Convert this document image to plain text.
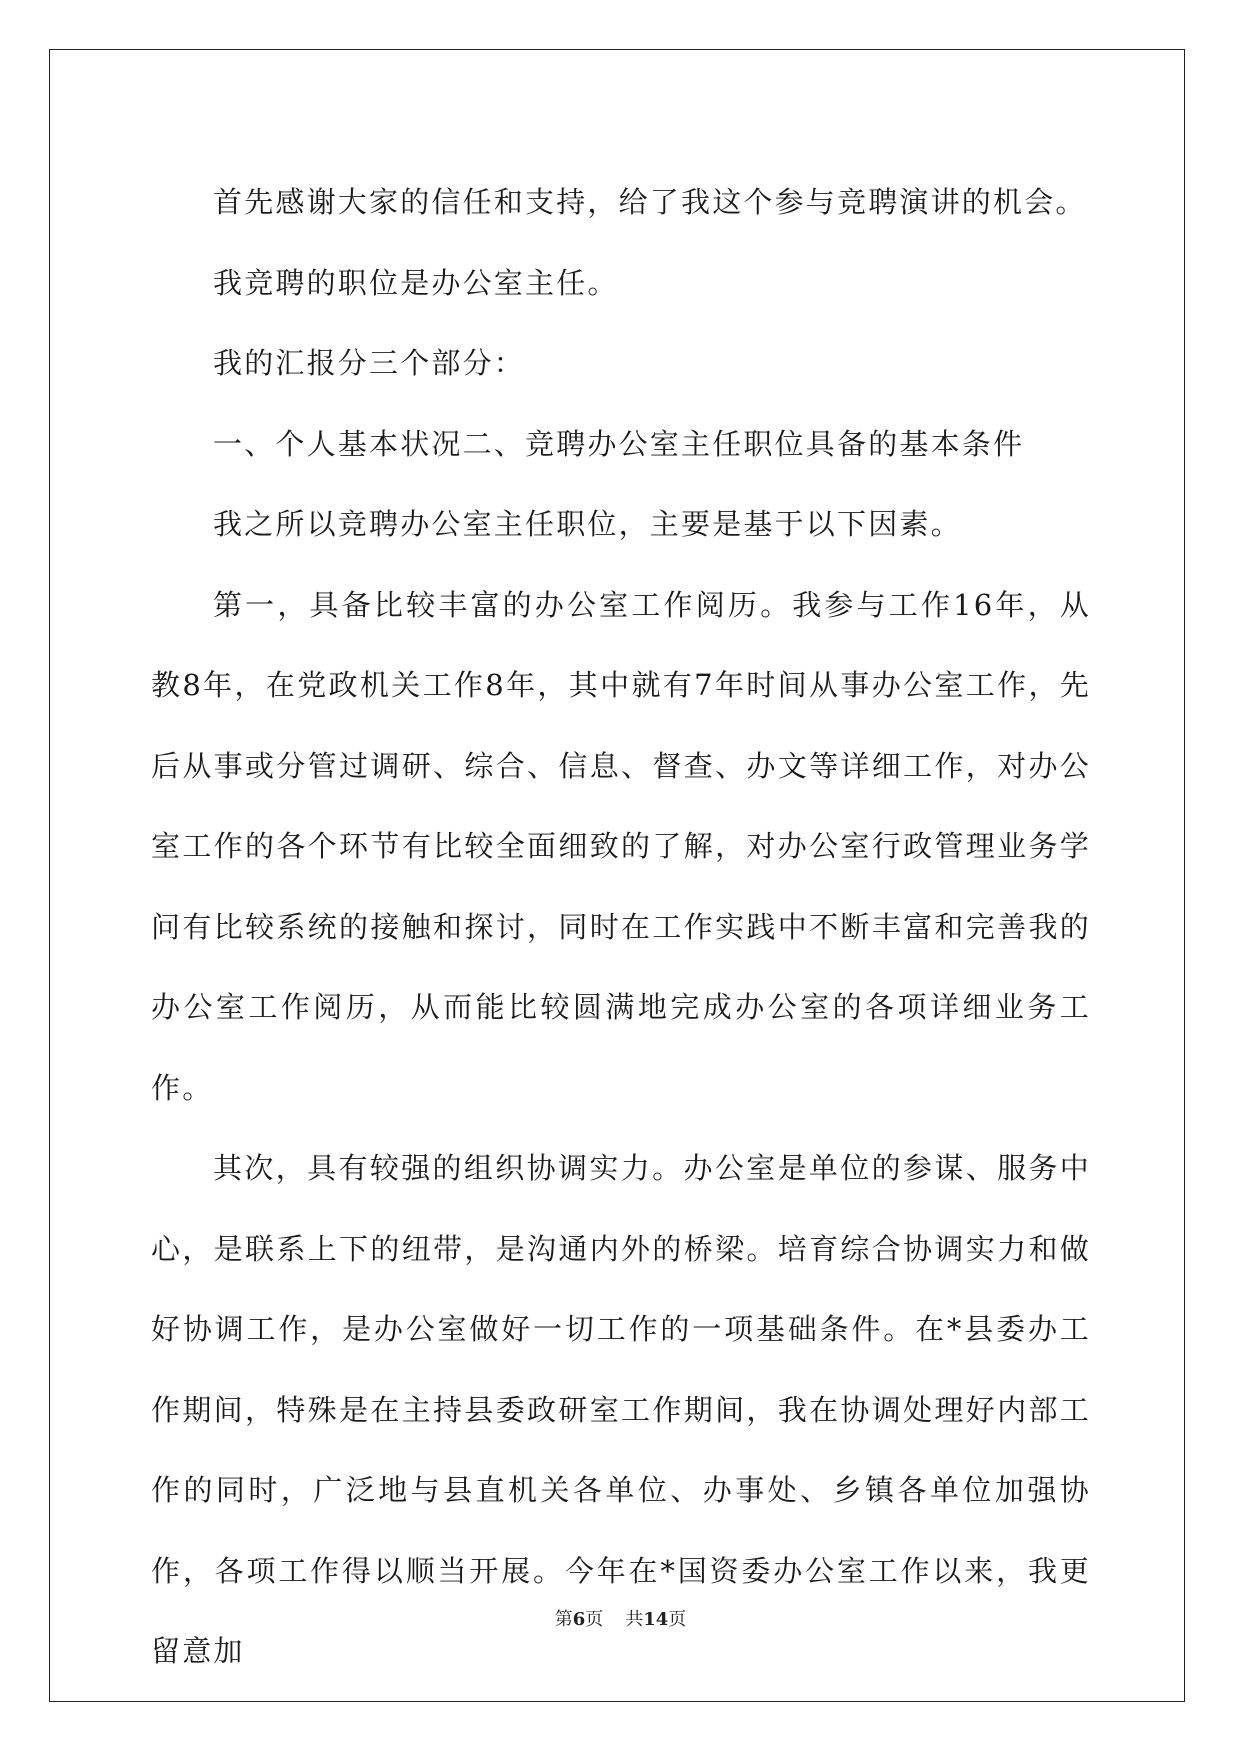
首先感谢大家的信任和支持，给了我这个参与竞聘演讲的机会。

我竞聘的职位是办公室主任。

我的汇报分三个部分：

一、个人基本状况二、竞聘办公室主任职位具备的基本条件

我之所以竞聘办公室主任职位，主要是基于以下因素。

第一，具备比较丰富的办公室工作阅历。我参与工作16年，从教8年，在党政机关工作8年，其中就有7年时间从事办公室工作，先后从事或分管过调研、综合、信息、督查、办文等详细工作，对办公室工作的各个环节有比较全面细致的了解，对办公室行政管理业务学问有比较系统的接触和探讨，同时在工作实践中不断丰富和完善我的办公室工作阅历，从而能比较圆满地完成办公室的各项详细业务工作。

其次，具有较强的组织协调实力。办公室是单位的参谋、服务中心，是联系上下的纽带，是沟通内外的桥梁。培育综合协调实力和做好协调工作，是办公室做好一切工作的一项基础条件。在*县委办工作期间，特殊是在主持县委政研室工作期间，我在协调处理好内部工作的同时，广泛地与县直机关各单位、办事处、乡镇各单位加强协作，各项工作得以顺当开展。今年在*国资委办公室工作以来，我更留意加

第6页 共14页
